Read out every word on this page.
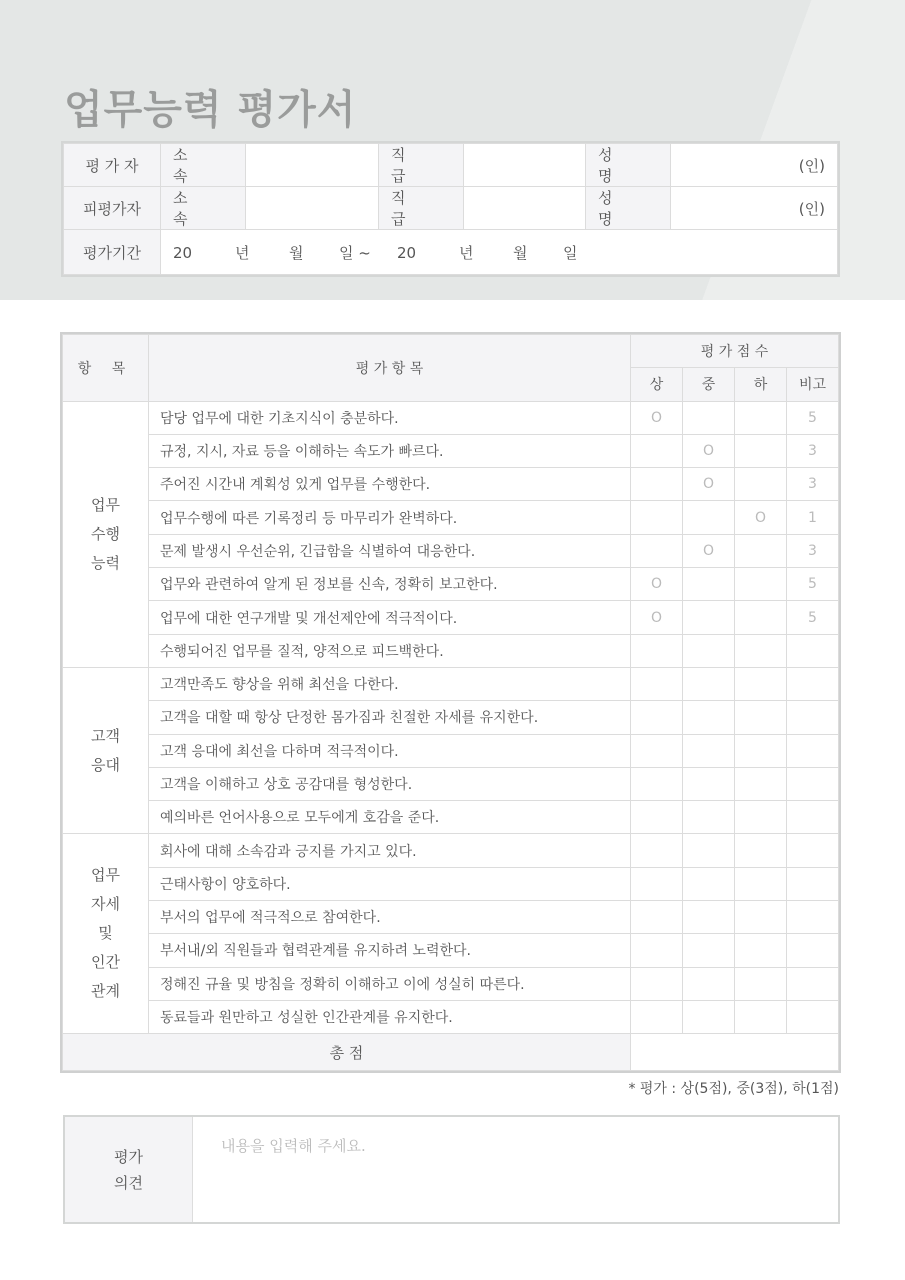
업무능력 평가서
평 가 자	소 속		직 급		성 명	(인)
피평가자	소 속		직 급		성 명	(인)
평가기간	20 년 월 일 ~ 20 년 월 일					
항 목	평 가 항 목	평 가 점 수			
		상	중	하	비고
업무
수행
능력	담당 업무에 대한 기초지식이 충분하다.	O			5
	규정, 지시, 자료 등을 이해하는 속도가 빠르다.		O		3
	주어진 시간내 계획성 있게 업무를 수행한다.		O		3
	업무수행에 따른 기록정리 등 마무리가 완벽하다.			O	1
	문제 발생시 우선순위, 긴급함을 식별하여 대응한다.		O		3
	업무와 관련하여 알게 된 정보를 신속, 정확히 보고한다.	O			5
	업무에 대한 연구개발 및 개선제안에 적극적이다.	O			5
	수행되어진 업무를 질적, 양적으로 피드백한다.				
고객
응대	고객만족도 향상을 위해 최선을 다한다.				
	고객을 대할 때 항상 단정한 몸가짐과 친절한 자세를 유지한다.				
	고객 응대에 최선을 다하며 적극적이다.				
	고객을 이해하고 상호 공감대를 형성한다.				
	예의바른 언어사용으로 모두에게 호감을 준다.				
업무
자세
및
인간
관계	회사에 대해 소속감과 긍지를 가지고 있다.				
	근태사항이 양호하다.				
	부서의 업무에 적극적으로 참여한다.				
	부서내/외 직원들과 협력관계를 유지하려 노력한다.				
	정해진 규율 및 방침을 정확히 이해하고 이에 성실히 따른다.				
	동료들과 원만하고 성실한 인간관계를 유지한다.				
총 점					
* 평가 : 상(5점), 중(3점), 하(1점)
평가
의견
내용을 입력해 주세요.
